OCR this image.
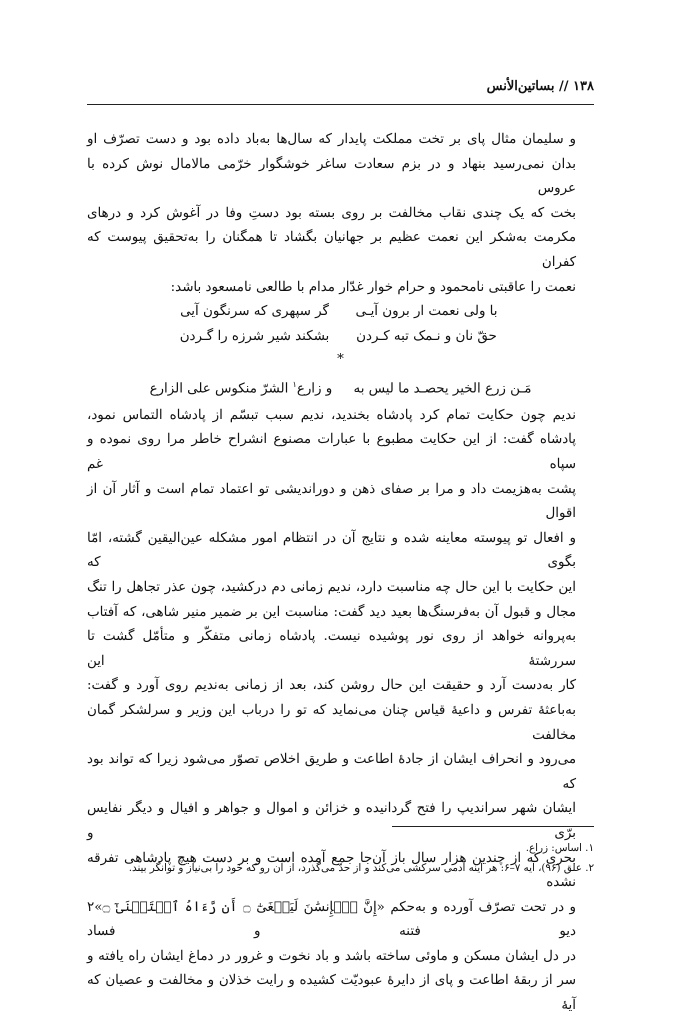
۱۳۸ // بساتین‌الأنس

و سلیمان مثال پای بر تخت مملکت پایدار که سال‌ها به‌باد داده بود و دست تصرّف او
بدان نمی‌رسید بنهاد و در بزم سعادت ساغر خوشگوار خرّمی مالامال نوش کرده با عروس
بخت که یک چندی نقاب مخالفت بر روی بسته بود دستِ وفا در آغوش کرد و درهای
مکرمت به‌شکر این نعمت عظیم بر جهانیان بگشاد تا همگنان را به‌تحقیق پیوست که کفران
نعمت را عاقبتی نامحمود و حرام خوار غدّار مدام با طالعی نامسعود باشد:

با ولی نعمت ار برون آیـی
گر سپهری که سرنگون آیی
حقّ نان و نـمک تبه کـردن
بشکند شیر شرزه را گـردن
*
مَـن زرع الخیر یحصـد ما لیس به     و زارع$^۱$ الشرّ منکوس علی الزارع

ندیم چون حکایت تمام کرد پادشاه بخندید، ندیم سبب تبسّم از پادشاه التماس نمود،
پادشاه گفت: از این حکایت مطبوع با عبارات مصنوع انشراح خاطر مرا روی نموده و سپاه غم
پشت به‌هزیمت داد و مرا بر صفای ذهن و دوراندیشی تو اعتماد تمام است و آثار آن از اقوال
و افعال تو پیوسته معاینه شده و نتایج آن در انتظام امور مشکله عین‌الیقین گشته، امّا بگوی که
این حکایت با این حال چه مناسبت دارد، ندیم زمانی دم درکشید، چون عذر تجاهل را تنگ
مجال و قبول آن به‌فرسنگ‌ها بعید دید گفت: مناسبت این بر ضمیر منیر شاهی، که آفتاب
به‌پروانه خواهد از روی نور پوشیده نیست. پادشاه زمانی متفکّر و متأمّل گشت تا سررشتهٔ این
کار به‌دست آرد و حقیقت این حال روشن کند، بعد از زمانی به‌ندیم روی آورد و گفت:
به‌باعثهٔ تفرس و داعیهٔ قیاس چنان می‌نماید که تو را درباب این وزیر و سرلشکر گمان مخالفت
می‌رود و انحراف ایشان از جادهٔ اطاعت و طریق اخلاص تصوّر می‌شود زیرا که تواند بود که
ایشان شهر سراندیپ را فتح گردانیده و خزائن و اموال و جواهر و افیال و دیگر نفایس برّی و
بحری که از چندین هزار سال باز آن‌جا جمع آمده است و بر دست هیچ پادشاهی تفرقه نشده
و در تحت تصرّف آورده و به‌حکم «إِنَّ ٱلۡإِنسَٰنَ لَيَطۡغَىٰٓ ۝ أَن رَّءَاهُ ٱسۡتَغۡنَىٰٓ ۝»۲ دیو فتنه و فساد
در دل ایشان مسکن و ماوئی ساخته باشد و باد نخوت و غرور در دماغ ایشان راه یافته و
سر از ربقهٔ اطاعت و پای از دایرهٔ عبودیّت کشیده و رایت خذلان و مخالفت و عصیان که آیهٔ

۱. اساس: زراع.
۲. علق (۹۶)، آیه ۷–۶: هر آینه آدمی سرکشی می‌کند و از حدّ می‌گذرد، از آن رو که خود را بی‌نیاز و توانگر بیند.
